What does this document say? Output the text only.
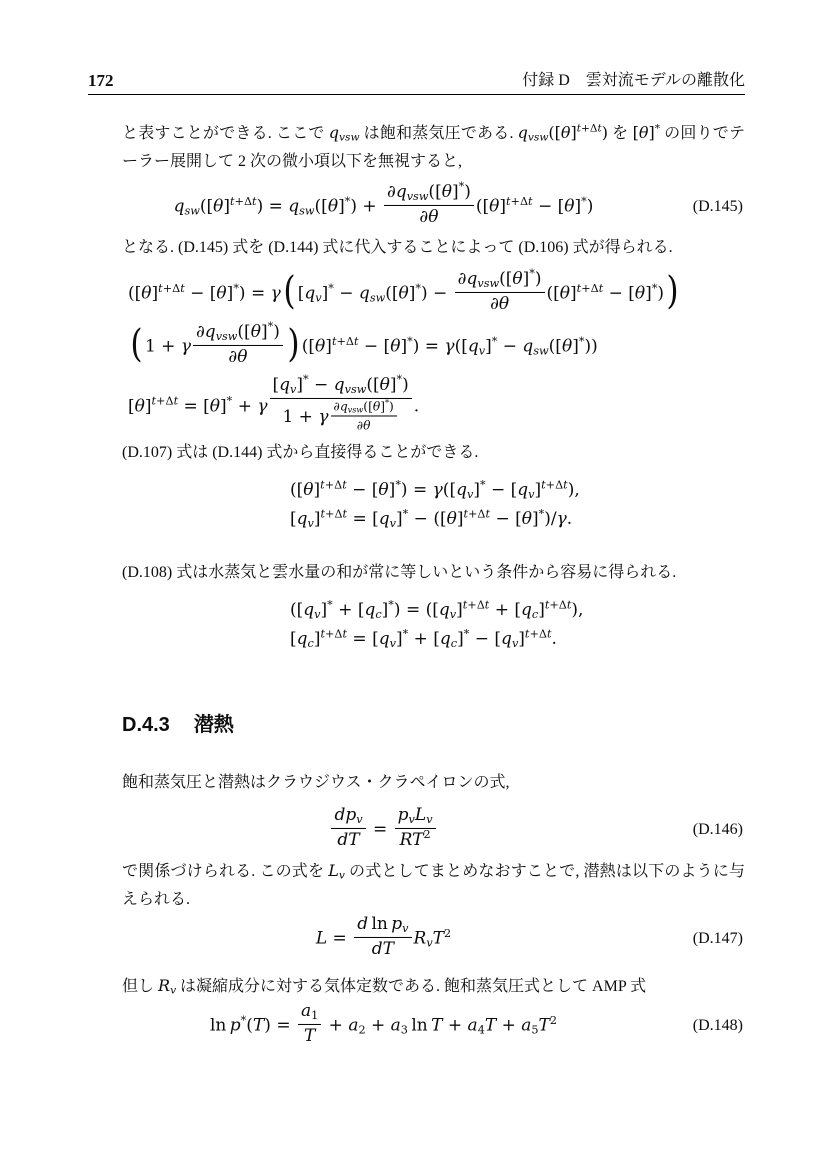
172	付録 D　雲対流モデルの離散化

と表すことができる. ここで $q_{vsw}$ は飽和蒸気圧である. $q_{vsw}([\theta]^{t+\Delta t})$ を [θ]* の回りでテーラー展開して 2 次の微小項以下を無視すると,

$q_{sw}([\theta]^{t+\Delta t}) = q_{sw}([\theta]^*) + \frac{\partial q_{vsw}([\theta]^*)}{\partial\theta} ([\theta]^{t+\Delta t} - [\theta]^*)$	(D.145)

となる. (D.145) 式を (D.144) 式に代入することによって (D.106) 式が得られる.

$([\theta]^{t+\Delta t} - [\theta]^*) = \gamma$( $[q_v]^* - q_{sw}([\theta]^*) - \frac{\partial q_{vsw}([\theta]^*)}{\partial\theta} ([\theta]^{t+\Delta t} - [\theta]^*)$)
( 1 + γ $\frac{\partial q_{vsw}([\theta]^*)}{\partial\theta}$ ) $([\theta]^{t+\Delta t} - [\theta]^*) = \gamma([q_v]^* - q_{sw}([\theta]^*))$
$[\theta]^{t+\Delta t} = [\theta]^* + \gamma \frac{[q_v]^* - q_{vsw}([\theta]^*)}{1 + \gamma \frac{\partial q_{vsw}([\theta]^*)}{\partial\theta}}$ .

(D.107) 式は (D.144) 式から直接得ることができる.

$([\theta]^{t+\Delta t} - [\theta]^*) = \gamma([q_v]^* - [q_v]^{t+\Delta t})$,
$[q_v]^{t+\Delta t} = [q_v]^* - ([\theta]^{t+\Delta t} - [\theta]^*)/\gamma$.

(D.108) 式は水蒸気と雲水量の和が常に等しいという条件から容易に得られる.

$([q_v]^* + [q_c]^*) = ([q_v]^{t+\Delta t} + [q_c]^{t+\Delta t})$,
$[q_c]^{t+\Delta t} = [q_v]^* + [q_c]^* - [q_v]^{t+\Delta t}$.
D.4.3 潜熱

飽和蒸気圧と潜熱はクラウジウス・クラペイロンの式,

$\frac{dp_v}{dT} = \frac{p_vL_v}{RT^2}$	(D.146)

で関係づけられる. この式を $L_v$ の式としてまとめなおすことで, 潜熱は以下のように与えられる.

$L = \frac{d \ln p_v}{dT} R_vT^2$	(D.147)

但し $R_v$ は凝縮成分に対する気体定数である. 飽和蒸気圧式として AMP 式

$\ln p^*(T) = \frac{a_1}{T} + a_2 + a_3$  $\ln T + a_4T + a_5T^2$	(D.148)
